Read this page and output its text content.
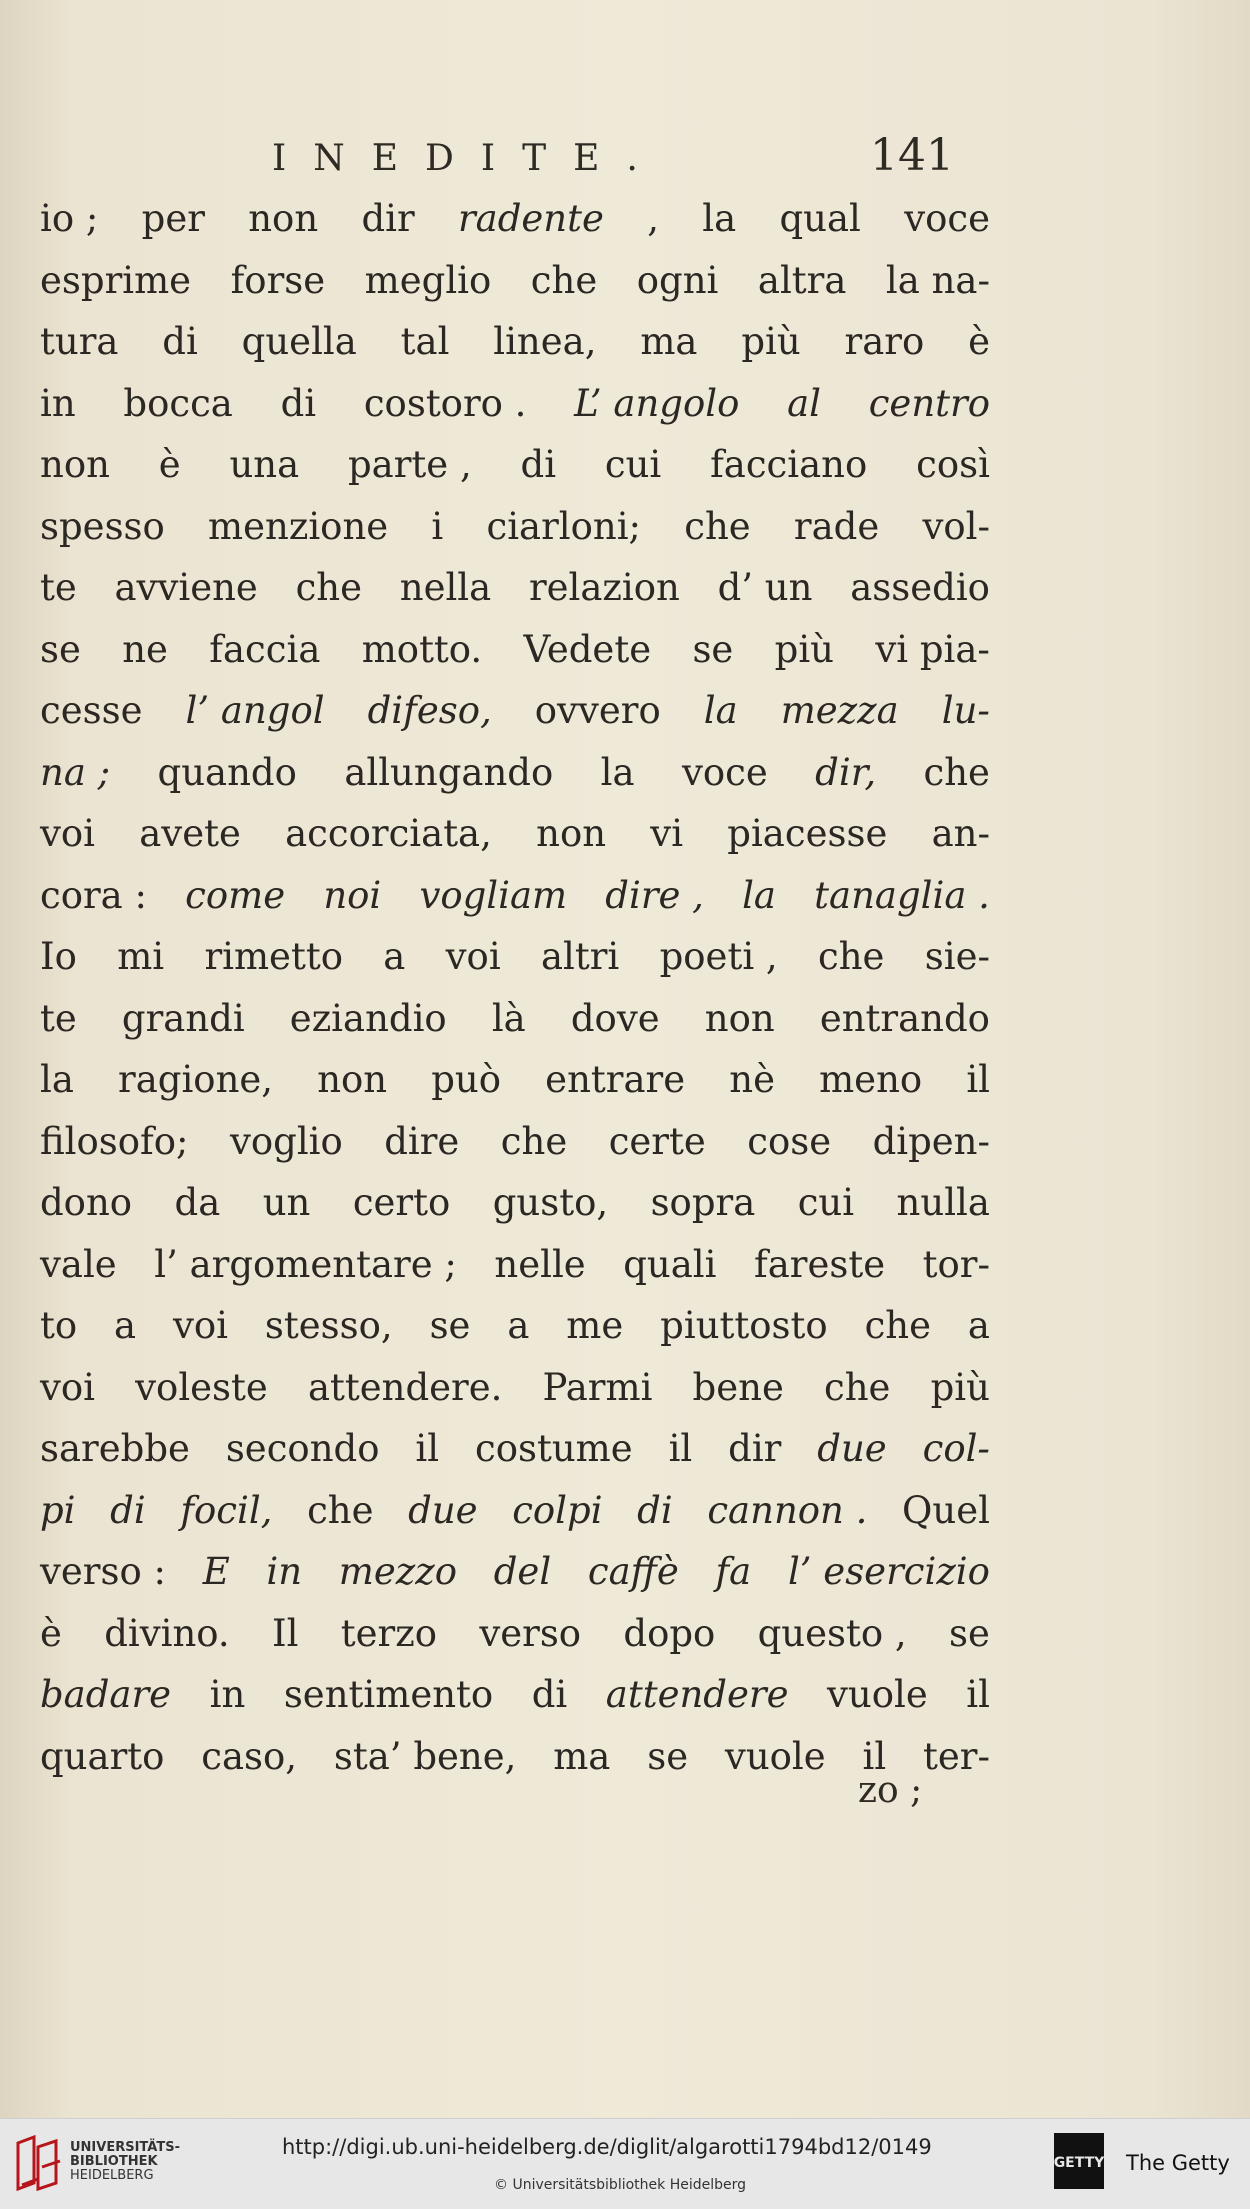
INEDITE.	141
io ; per non dir radente , la qual voce
esprime forse meglio che ogni altra la na-
tura di quella tal linea, ma più raro è
in bocca di costoro . L’ angolo al centro
non è una parte , di cui facciano così
spesso menzione i ciarloni; che rade vol-
te avviene che nella relazion d’ un assedio
se ne faccia motto. Vedete se più vi pia-
cesse l’ angol difeso, ovvero la mezza lu-
na ; quando allungando la voce dir, che
voi avete accorciata, non vi piacesse an-
cora : come noi vogliam dire , la tanaglia .
Io mi rimetto a voi altri poeti , che sie-
te grandi eziandio là dove non entrando
la ragione, non può entrare nè meno il
filosofo; voglio dire che certe cose dipen-
dono da un certo gusto, sopra cui nulla
vale l’ argomentare ; nelle quali fareste tor-
to a voi stesso, se a me piuttosto che a
voi voleste attendere. Parmi bene che più
sarebbe secondo il costume il dir due col-
pi di focil, che due colpi di cannon . Quel
verso : E in mezzo del caffè fa l’ esercizio
è divino. Il terzo verso dopo questo , se
badare in sentimento di attendere vuole il
quarto caso, sta’ bene, ma se vuole il ter-
zo ;
UNIVERSITÄTS-
BIBLIOTHEK
HEIDELBERG
http://digi.ub.uni-heidelberg.de/diglit/algarotti1794bd12/0149
© Universitätsbibliothek Heidelberg
GETTY The Getty
